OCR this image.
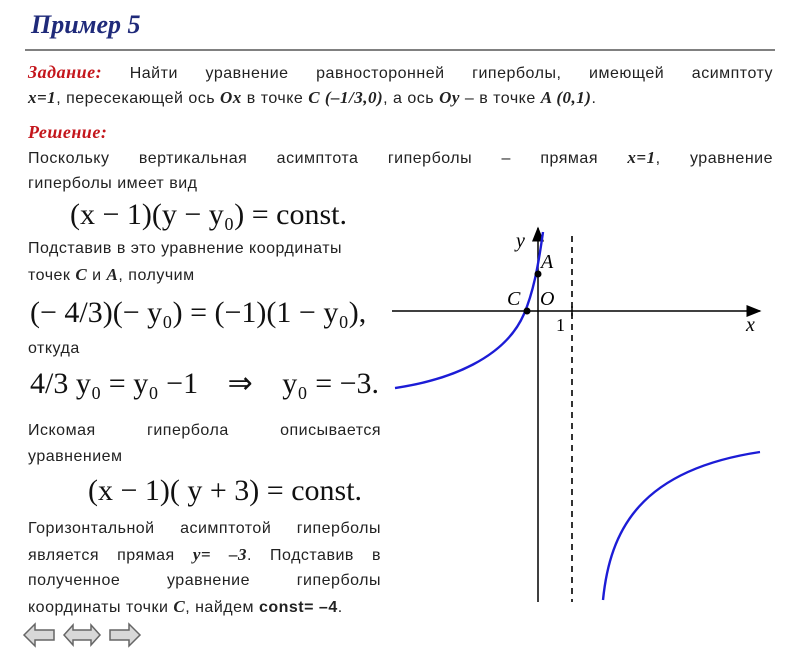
Пример 5
Задание: Найти уравнение равносторонней гиперболы, имеющей асимптоту
x=1, пересекающей ось Ox в точке C (–1/3,0), а ось Oy – в точке A (0,1).
Решение:
Поскольку вертикальная асимптота гиперболы – прямая x=1, уравнение
гиперболы имеет вид
(x − 1)(y − y₀) = const.
Подставив в это уравнение координаты
точек C и A, получим
(− 4/3)(− y₀) = (−1)(1 − y₀),
откуда
4/3 y₀ = y₀ −1 ⇒ y₀ = −3.
Искомая гипербола описывается
уравнением
(x − 1)( y + 3) = const.
Горизонтальной асимптотой гиперболы
является прямая y= –3. Подставив в
полученное уравнение гиперболы
координаты точки C, найдем const= –4.
y
x
A
C O
1
